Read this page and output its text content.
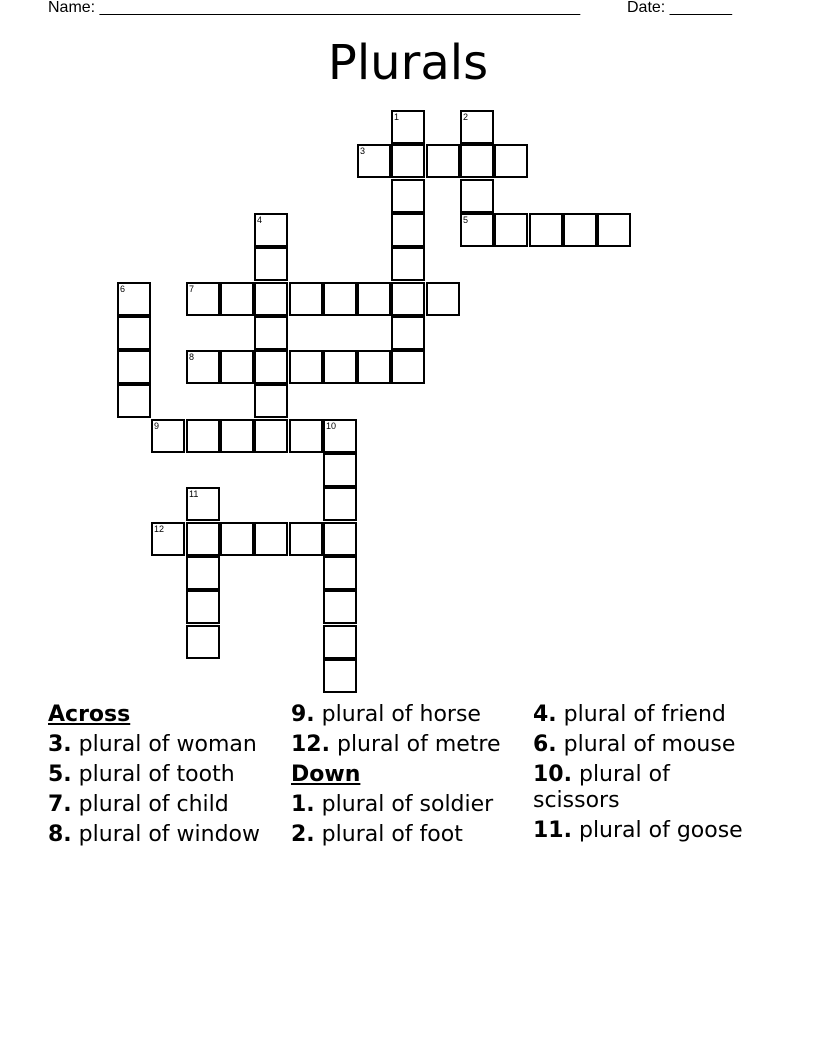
Name: ______________________________________________________	Date: _______
Plurals
1	2
3
4	5
6	7
8
9	10
11
12
Across
3. plural of woman
5. plural of tooth
7. plural of child
8. plural of window
9. plural of horse
12. plural of metre
Down
1. plural of soldier
2. plural of foot
4. plural of friend
6. plural of mouse
10. plural of scissors
11. plural of goose
